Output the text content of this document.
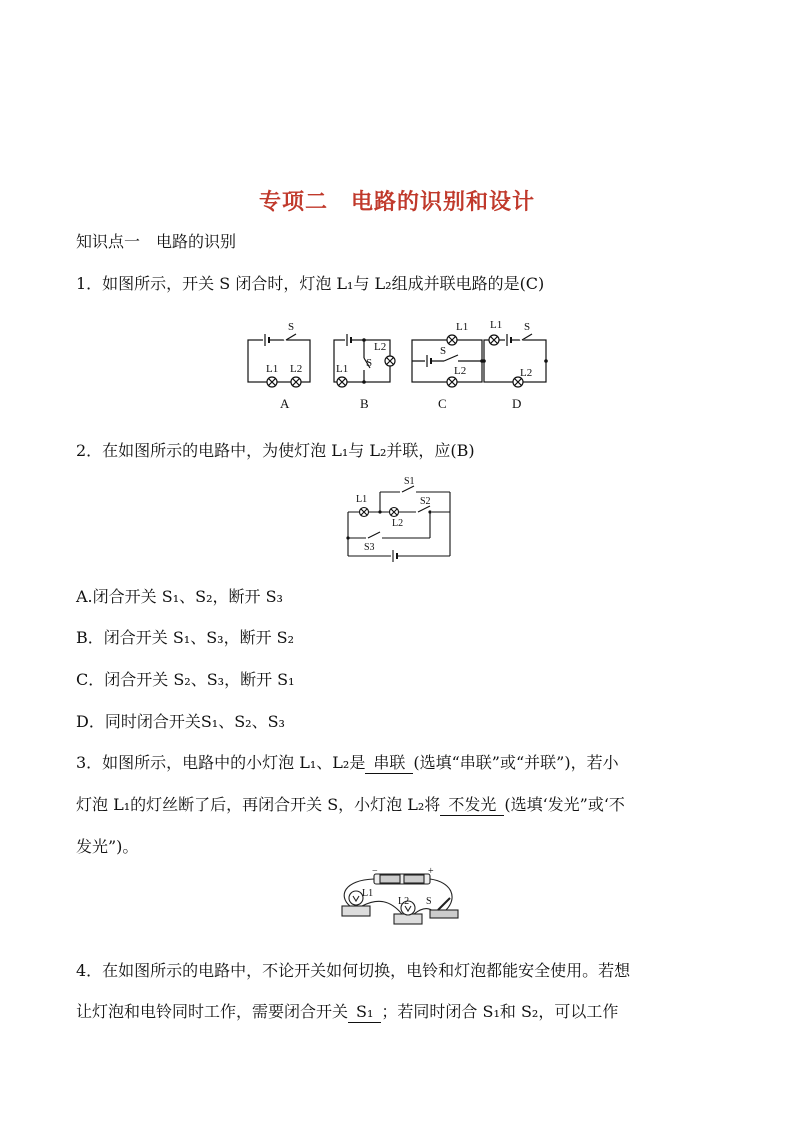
专项二　电路的识别和设计
知识点一　电路的识别
1．如图所示，开关 S 闭合时，灯泡 L₁与 L₂组成并联电路的是(C)
S
L1 L2
L2
S
L1
L1
S
L2
L1 S
L2
A	B	C	D
2．在如图所示的电路中，为使灯泡 L₁与 L₂并联，应(B)
S1
S2
L1
L2
S3
A.闭合开关 S₁、S₂，断开 S₃
B．闭合开关 S₁、S₃，断开 S₂
C．闭合开关 S₂、S₃，断开 S₁
D．同时闭合开关S₁、S₂、S₃
3．如图所示，电路中的小灯泡 L₁、L₂是 串联 (选填“串联”或“并联”)，若小
灯泡 L₁的灯丝断了后，再闭合开关 S，小灯泡 L₂将 不发光 (选填‘发光”或‘不
发光”)。
−	+
L1
L2 S
4．在如图所示的电路中，不论开关如何切换，电铃和灯泡都能安全使用。若想
让灯泡和电铃同时工作，需要闭合开关 S₁ ；若同时闭合 S₁和 S₂，可以工作
